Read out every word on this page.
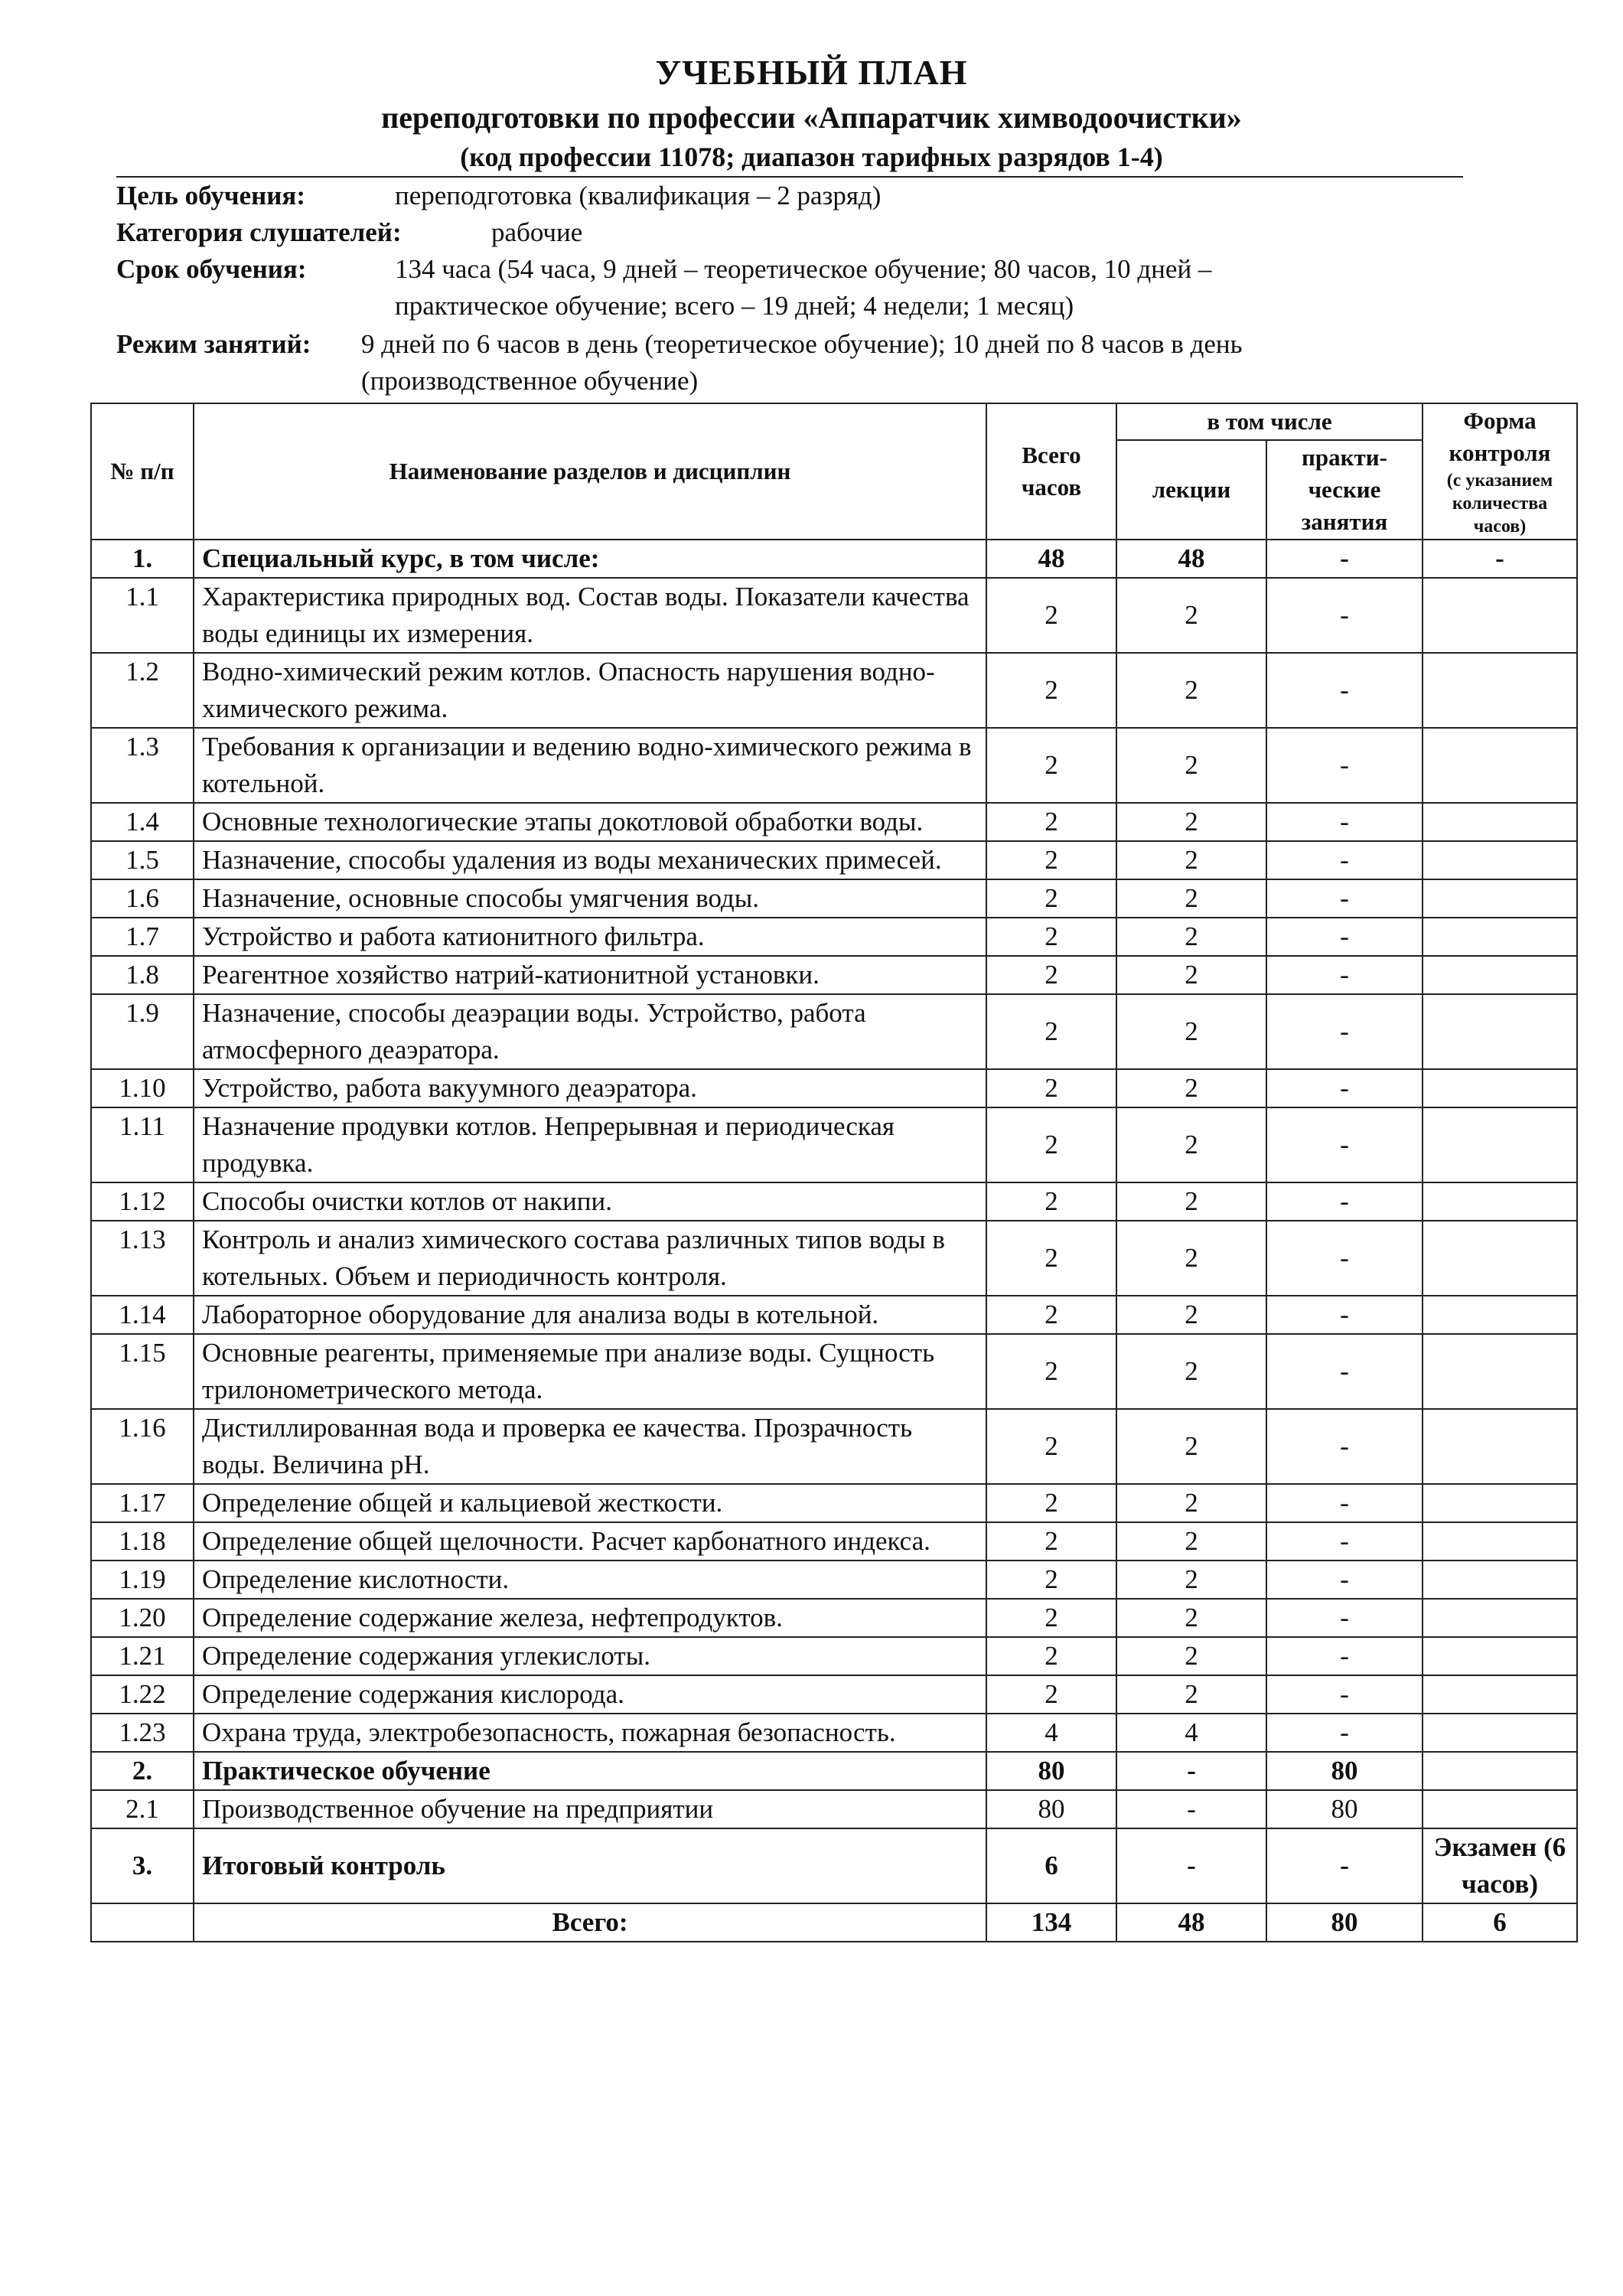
УЧЕБНЫЙ ПЛАН
переподготовки по профессии «Аппаратчик химводоочистки»
(код профессии 11078; диапазон тарифных разрядов 1-4)
Цель обучения:	переподготовка (квалификация – 2 разряд)
Категория слушателей:	рабочие
Срок обучения:	134 часа (54 часа, 9 дней – теоретическое обучение; 80 часов, 10 дней –
практическое обучение; всего – 19 дней; 4 недели; 1 месяц)
Режим занятий: 9 дней по 6 часов в день (теоретическое обучение); 10 дней по 8 часов в день
(производственное обучение)
№ п/п	Наименование разделов и дисциплин	Всего часов	в том числе		Форма контроля
(с указанием количества часов)

			лекции	практи-ческие занятия	
1.	Специальный курс, в том числе:	48	48	-	-
1.1	Характеристика природных вод. Состав воды. Показатели качества воды единицы их измерения.	2	2	-	
1.2	Водно-химический режим котлов. Опасность нарушения водно-химического режима.	2	2	-	
1.3	Требования к организации и ведению водно-химического режима в котельной.	2	2	-	
1.4	Основные технологические этапы докотловой обработки воды.	2	2	-	
1.5	Назначение, способы удаления из воды механических примесей.	2	2	-	
1.6	Назначение, основные способы умягчения воды.	2	2	-	
1.7	Устройство и работа катионитного фильтра.	2	2	-	
1.8	Реагентное хозяйство натрий-катионитной установки.	2	2	-	
1.9	Назначение, способы деаэрации воды. Устройство, работа атмосферного деаэратора.	2	2	-	
1.10	Устройство, работа вакуумного деаэратора.	2	2	-	
1.11	Назначение продувки котлов. Непрерывная и периодическая продувка.	2	2	-	
1.12	Способы очистки котлов от накипи.	2	2	-	
1.13	Контроль и анализ химического состава различных типов воды в котельных. Объем и периодичность контроля.	2	2	-	
1.14	Лабораторное оборудование для анализа воды в котельной.	2	2	-	
1.15	Основные реагенты, применяемые при анализе воды. Сущность трилонометрического метода.	2	2	-	
1.16	Дистиллированная вода и проверка ее качества. Прозрачность воды. Величина pH.	2	2	-	
1.17	Определение общей и кальциевой жесткости.	2	2	-	
1.18	Определение общей щелочности. Расчет карбонатного индекса.	2	2	-	
1.19	Определение кислотности.	2	2	-	
1.20	Определение содержание железа, нефтепродуктов.	2	2	-	
1.21	Определение содержания углекислоты.	2	2	-	
1.22	Определение содержания кислорода.	2	2	-	
1.23	Охрана труда, электробезопасность, пожарная безопасность.	4	4	-	
2.	Практическое обучение	80	-	80	
2.1	Производственное обучение на предприятии	80	-	80	
3.	Итоговый контроль	6	-	-	Экзамен (6 часов)
	Всего:	134	48	80	6
